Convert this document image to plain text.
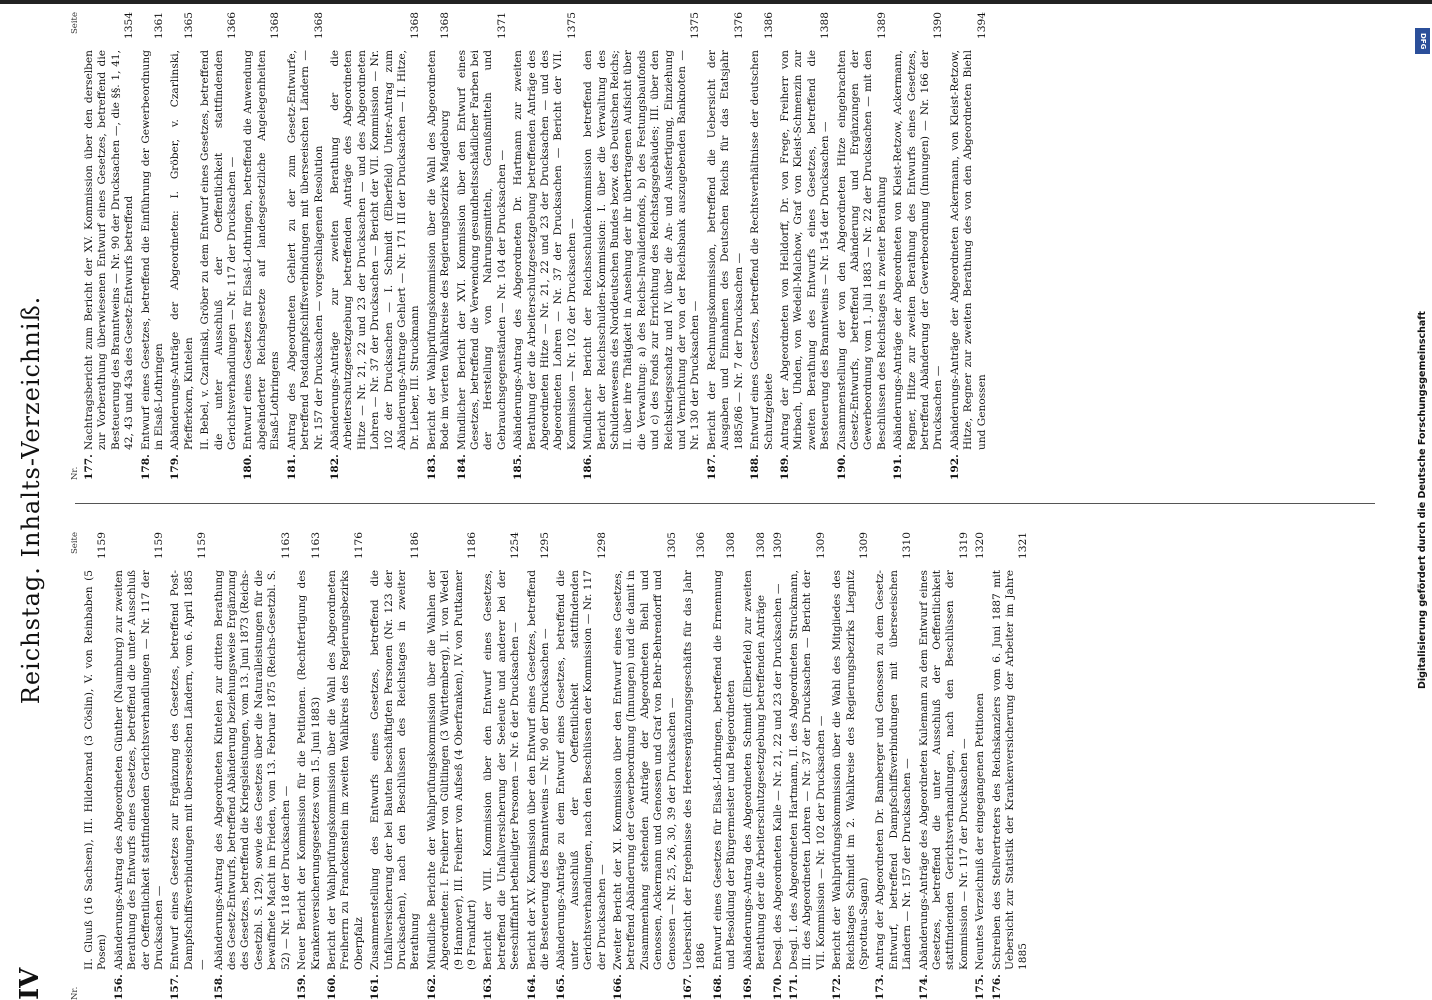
IV
Reichstag. Inhalts-Verzeichniß.
Nr.
Seite
II. Gluuß (16 Sachsen), III. Hildebrand (3 Cöslin), V. von Reinbaben (5 Posen)
1159
156.
Abänderungs-Antrag des Abgeordneten Günther (Naumburg) zur zweiten Berathung des Entwurfs eines Gesetzes, betreffend die unter Ausschluß der Oeffentlichkeit stattfindenden Gerichtsverhandlungen — Nr. 117 der Drucksachen —
1159
157.
Entwurf eines Gesetzes zur Ergänzung des Gesetzes, betreffend Post-Dampfschiffsverbindungen mit überseeischen Ländern, vom 6. April 1885 —
1159
158.
Abänderungs-Antrag des Abgeordneten Kintelen zur dritten Berathung des Gesetz-Entwurfs, betreffend Abänderung beziehungsweise Ergänzung des Gesetzes, betreffend die Kriegsleistungen, vom 13. Juni 1873 (Reichs-Gesetzbl. S. 129), sowie des Gesetzes über die Naturalleistungen für die bewaffnete Macht im Frieden, vom 13. Februar 1875 (Reichs-Gesetzbl. S. 52) — Nr. 118 der Drucksachen —
1163
159.
Neuer Bericht der Kommission für die Petitionen. (Rechtfertigung des Krankenversicherungsgesetzes vom 15. Juni 1883)
1163
160.
Bericht der Wahlprüfungskommission über die Wahl des Abgeordneten Freiherrn zu Franckenstein im zweiten Wahlkreis des Regierungsbezirks Oberpfalz
1176
161.
Zusammenstellung des Entwurfs eines Gesetzes, betreffend die Unfallversicherung der bei Bauten beschäftigten Personen (Nr. 123 der Drucksachen), nach den Beschlüssen des Reichstages in zweiter Berathung
1186
162.
Mündliche Berichte der Wahlprüfungskommission über die Wahlen der Abgeordneten: I. Freiherr von Gültlingen (3 Württemberg), II. von Wedel (9 Hannover), III. Freiherr von Aufseß (4 Oberfranken), IV. von Puttkamer (9 Frankfurt)
1186
163.
Bericht der VIII. Kommission über den Entwurf eines Gesetzes, betreffend die Unfallversicherung der Seeleute und anderer bei der Seeschifffahrt betheiligter Personen — Nr. 6 der Drucksachen —
1254
164.
Bericht der XV. Kommission über den Entwurf eines Gesetzes, betreffend die Besteuerung des Branntweins — Nr. 90 der Drucksachen —
1295
165.
Abänderungs-Anträge zu dem Entwurf eines Gesetzes, betreffend die unter Ausschluß der Oeffentlichkeit stattfindenden Gerichtsverhandlungen, nach den Beschlüssen der Kommission — Nr. 117 der Drucksachen —
1298
166.
Zweiter Bericht der XI. Kommission über den Entwurf eines Gesetzes, betreffend Abänderung der Gewerbeordnung (Innungen) und die damit in Zusammenhang stehenden Anträge der Abgeordneten Biehl und Genossen, Ackermann und Genossen und Graf von Behr-Behrendorff und Genossen — Nr. 25, 26, 30, 39 der Drucksachen —
1305
167.
Uebersicht der Ergebnisse des Heeresergänzungsgeschäfts für das Jahr 1886
1306
168.
Entwurf eines Gesetzes für Elsaß-Lothringen, betreffend die Ernennung und Besoldung der Bürgermeister und Beigeordneten
1308
169.
Abänderungs-Antrag des Abgeordneten Schmidt (Elberfeld) zur zweiten Berathung der die Arbeiterschutzgesetzgebung betreffenden Anträge
1308
170.
Desgl. des Abgeordneten Kalle — Nr. 21, 22 und 23 der Drucksachen —
1309
171.
Desgl. I. des Abgeordneten Hartmann, II. des Abgeordneten Struckmann, III. des Abgeordneten Lohren — Nr. 37 der Drucksachen — Bericht der VII. Kommission — Nr. 102 der Drucksachen —
1309
172.
Bericht der Wahlprüfungskommission über die Wahl des Mitgliedes des Reichstages Schmidt im 2. Wahlkreise des Regierungsbezirks Liegnitz (Sprottau-Sagan)
1309
173.
Antrag der Abgeordneten Dr. Bamberger und Genossen zu dem Gesetz-Entwurf, betreffend Dampfschiffsverbindungen mit überseeischen Ländern — Nr. 157 der Drucksachen —
1310
174.
Abänderungs-Anträge des Abgeordneten Kulemann zu dem Entwurf eines Gesetzes, betreffend die unter Ausschluß der Oeffentlichkeit stattfindenden Gerichtsverhandlungen, nach den Beschlüssen der Kommission — Nr. 117 der Drucksachen —
1319
175.
Neuntes Verzeichniß der eingegangenen Petitionen
1320
176.
Schreiben des Stellvertreters des Reichskanzlers vom 6. Juni 1887 mit Uebersicht zur Statistik der Krankenversicherung der Arbeiter im Jahre 1885
1321
Nr.
Seite
177.
Nachtragsbericht zum Bericht der XV. Kommission über den derselben zur Vorberathung überwiesenen Entwurf eines Gesetzes, betreffend die Besteuerung des Branntweins — Nr. 90 der Drucksachen —, die §§. 1, 41, 42, 43 und 43a des Gesetz-Entwurfs betreffend
1354
178.
Entwurf eines Gesetzes, betreffend die Einführung der Gewerbeordnung in Elsaß-Lothringen
1361
179.
Abänderungs-Anträge der Abgeordneten: I. Gröber, v. Czarlinski, Pfefferkorn, Kintelen
1365
II. Bebel, v. Czarlinski, Gröber zu dem Entwurf eines Gesetzes, betreffend die unter Ausschluß der Oeffentlichkeit stattfindenden Gerichtsverhandlungen — Nr. 117 der Drucksachen —
1366
180.
Entwurf eines Gesetzes für Elsaß-Lothringen, betreffend die Anwendung abgeänderter Reichsgesetze auf landesgesetzliche Angelegenheiten Elsaß-Lothringens
1368
181.
Antrag des Abgeordneten Gehlert zu der zum Gesetz-Entwurfe, betreffend Postdampfschiffsverbindungen mit überseeischen Ländern — Nr. 157 der Drucksachen — vorgeschlagenen Resolution
1368
182.
Abänderungs-Anträge zur zweiten Berathung der die Arbeiterschutzgesetzgebung betreffenden Anträge des Abgeordneten Hitze — Nr. 21, 22 und 23 der Drucksachen — und des Abgeordneten Lohren — Nr. 37 der Drucksachen — Bericht der VII. Kommission — Nr. 102 der Drucksachen — I. Schmidt (Elberfeld) Unter-Antrag zum Abänderungs-Antrage Gehlert — Nr. 171 III der Drucksachen — II. Hitze, Dr. Lieber, III. Struckmann
1368
183.
Bericht der Wahlprüfungskommission über die Wahl des Abgeordneten Bode im vierten Wahlkreise des Regierungsbezirks Magdeburg
1368
184.
Mündlicher Bericht der XVI. Kommission über den Entwurf eines Gesetzes, betreffend die Verwendung gesundheitsschädlicher Farben bei der Herstellung von Nahrungsmitteln, Genußmitteln und Gebrauchsgegenständen — Nr. 104 der Drucksachen —
1371
185.
Abänderungs-Antrag des Abgeordneten Dr. Hartmann zur zweiten Berathung der die Arbeiterschutzgesetzgebung betreffenden Anträge des Abgeordneten Hitze — Nr. 21, 22 und 23 der Drucksachen — und des Abgeordneten Lohren — Nr. 37 der Drucksachen — Bericht der VII. Kommission — Nr. 102 der Drucksachen —
1375
186.
Mündlicher Bericht der Reichsschuldenkommission betreffend den Bericht der Reichsschulden-Kommission: I. über die Verwaltung des Schuldenwesens des Norddeutschen Bundes bezw. des Deutschen Reichs; II. über ihre Thätigkeit in Ansehung der ihr übertragenen Aufsicht über die Verwaltung: a) des Reichs-Invalidenfonds, b) des Festungsbaufonds und c) des Fonds zur Errichtung des Reichstagsgebäudes; III. über den Reichskriegsschatz und IV. über die An- und Ausfertigung, Einziehung und Vernichtung der von der Reichsbank auszugebenden Banknoten — Nr. 130 der Drucksachen —
1375
187.
Bericht der Rechnungskommission, betreffend die Uebersicht der Ausgaben und Einnahmen des Deutschen Reichs für das Etatsjahr 1885/86 — Nr. 7 der Drucksachen —
1376
188.
Entwurf eines Gesetzes, betreffend die Rechtsverhältnisse der deutschen Schutzgebiete
1386
189.
Antrag der Abgeordneten von Helldorff, Dr. von Frege, Freiherr von Mirbach, Uhden, von Wedell-Malchow, Graf von Kleist-Schmenzin zur zweiten Berathung des Entwurfs eines Gesetzes, betreffend die Besteuerung des Branntweins — Nr. 154 der Drucksachen —
1388
190.
Zusammenstellung der von den Abgeordneten Hitze eingebrachten Gesetz-Entwurfs, betreffend Abänderung und Ergänzungen der Gewerbeordnung vom 1. Juli 1883 — Nr. 22 der Drucksachen — mit den Beschlüssen des Reichstages in zweiter Berathung
1389
191.
Abänderungs-Anträge der Abgeordneten von Kleist-Retzow, Ackermann, Regner, Hitze zur zweiten Berathung des Entwurfs eines Gesetzes, betreffend Abänderung der Gewerbeordnung (Innungen) — Nr. 166 der Drucksachen —
1390
192.
Abänderungs-Anträge der Abgeordneten Ackermann, von Kleist-Retzow, Hitze, Regner zur zweiten Berathung des von den Abgeordneten Biehl und Genossen
1394
Digitalisierung gefördert durch die Deutsche Forschungsgemeinschaft
DFG
